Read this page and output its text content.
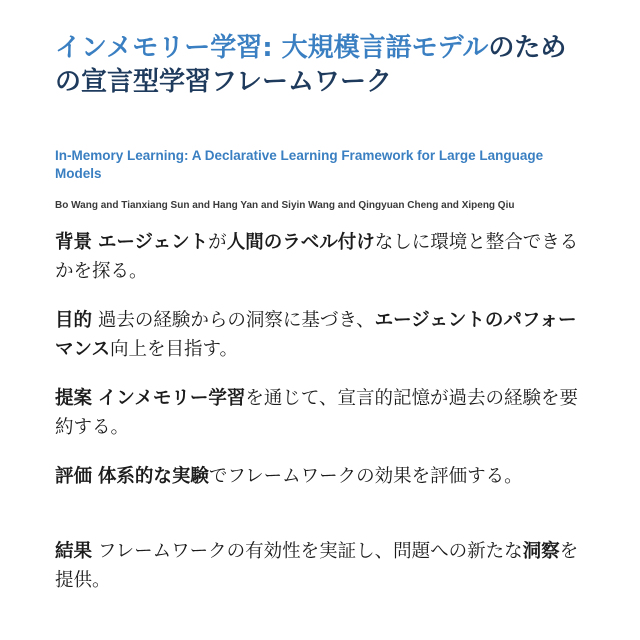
インメモリー学習: 大規模言語モデルのための宣言型学習フレームワーク
In-Memory Learning: A Declarative Learning Framework for Large Language Models
Bo Wang and Tianxiang Sun and Hang Yan and Siyin Wang and Qingyuan Cheng and Xipeng Qiu

背景 エージェントが人間のラベル付けなしに環境と整合できるかを探る。

目的 過去の経験からの洞察に基づき、エージェントのパフォーマンス向上を目指す。

提案 インメモリー学習を通じて、宣言的記憶が過去の経験を要約する。

評価 体系的な実験でフレームワークの効果を評価する。

結果 フレームワークの有効性を実証し、問題への新たな洞察を提供。
